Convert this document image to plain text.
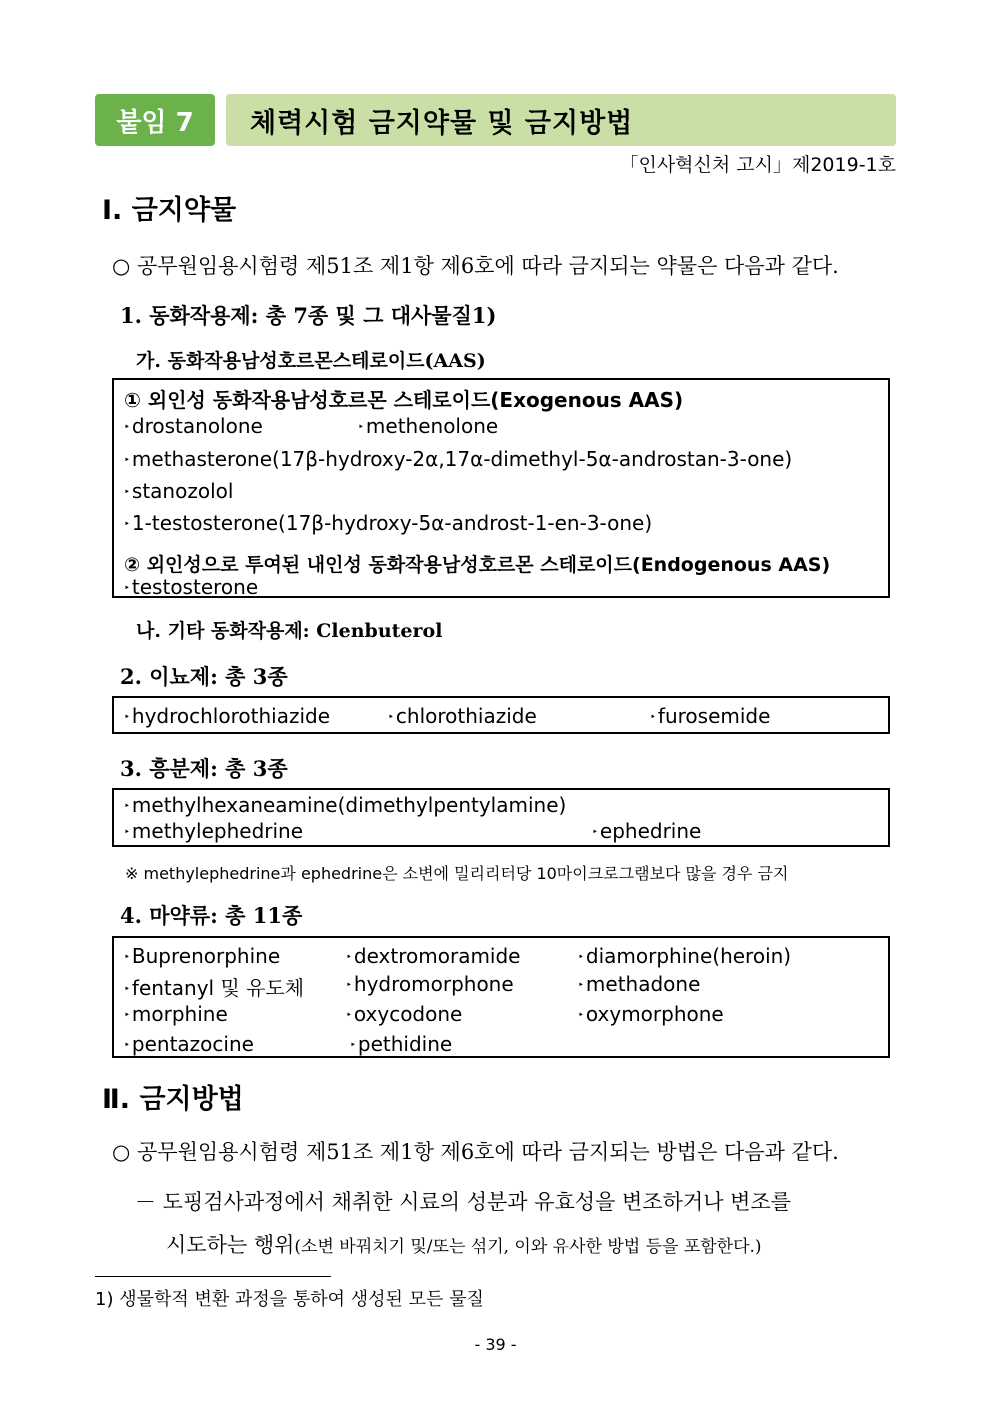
붙임 7	체력시험 금지약물 및 금지방법
「인사혁신처 고시」제2019-1호
Ⅰ. 금지약물
○ 공무원임용시험령 제51조 제1항 제6호에 따라 금지되는 약물은 다음과 같다.
1. 동화작용제: 총 7종 및 그 대사물질1)
가. 동화작용남성호르몬스테로이드(AAS)
① 외인성 동화작용남성호르몬 스테로이드(Exogenous AAS)
‣ drostanolone	‣ methenolone
‣ methasterone(17β-hydroxy-2α,17α-dimethyl-5α-androstan-3-one)
‣ stanozolol
‣ 1-testosterone(17β-hydroxy-5α-androst-1-en-3-one)
② 외인성으로 투여된 내인성 동화작용남성호르몬 스테로이드(Endogenous AAS)
‣ testosterone
나. 기타 동화작용제: Clenbuterol
2. 이뇨제: 총 3종
‣ hydrochlorothiazide	‣ chlorothiazide	‣ furosemide
3. 흥분제: 총 3종
‣ methylhexaneamine(dimethylpentylamine)
‣ methylephedrine	‣ ephedrine
※ methylephedrine과 ephedrine은 소변에 밀리리터당 10마이크로그램보다 많을 경우 금지
4. 마약류: 총 11종
‣ Buprenorphine	‣ dextromoramide	‣ diamorphine(heroin)
‣ fentanyl 및 유도체	‣ hydromorphone	‣ methadone
‣ morphine	‣ oxycodone	‣ oxymorphone
‣ pentazocine	‣ pethidine
Ⅱ. 금지방법
○ 공무원임용시험령 제51조 제1항 제6호에 따라 금지되는 방법은 다음과 같다.
－ 도핑검사과정에서 채취한 시료의 성분과 유효성을 변조하거나 변조를
시도하는 행위(소변 바꿔치기 및/또는 섞기, 이와 유사한 방법 등을 포함한다.)
1) 생물학적 변환 과정을 통하여 생성된 모든 물질
- 39 -
